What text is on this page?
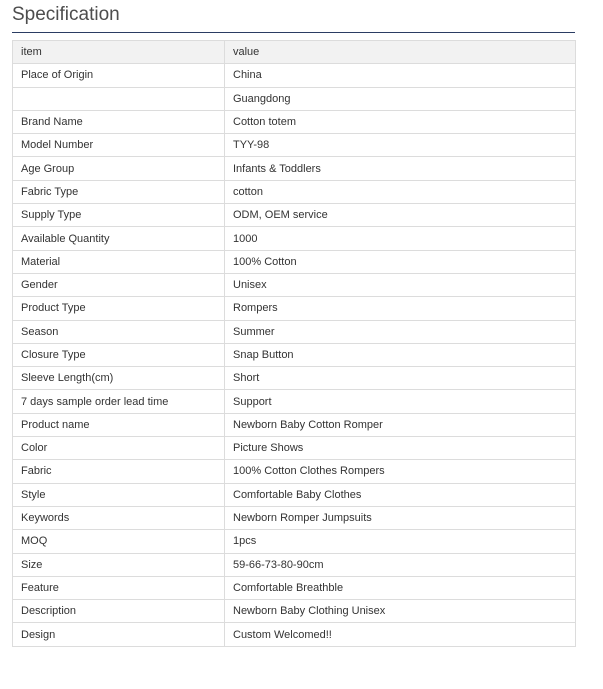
Specification
item	value
Place of Origin	China
	Guangdong
Brand Name	Cotton totem
Model Number	TYY-98
Age Group	Infants & Toddlers
Fabric Type	cotton
Supply Type	ODM, OEM service
Available Quantity	1000
Material	100% Cotton
Gender	Unisex
Product Type	Rompers
Season	Summer
Closure Type	Snap Button
Sleeve Length(cm)	Short
7 days sample order lead time	Support
Product name	Newborn Baby Cotton Romper
Color	Picture Shows
Fabric	100% Cotton Clothes Rompers
Style	Comfortable Baby Clothes
Keywords	Newborn Romper Jumpsuits
MOQ	1pcs
Size	59-66-73-80-90cm
Feature	Comfortable Breathble
Description	Newborn Baby Clothing Unisex
Design	Custom Welcomed!!
